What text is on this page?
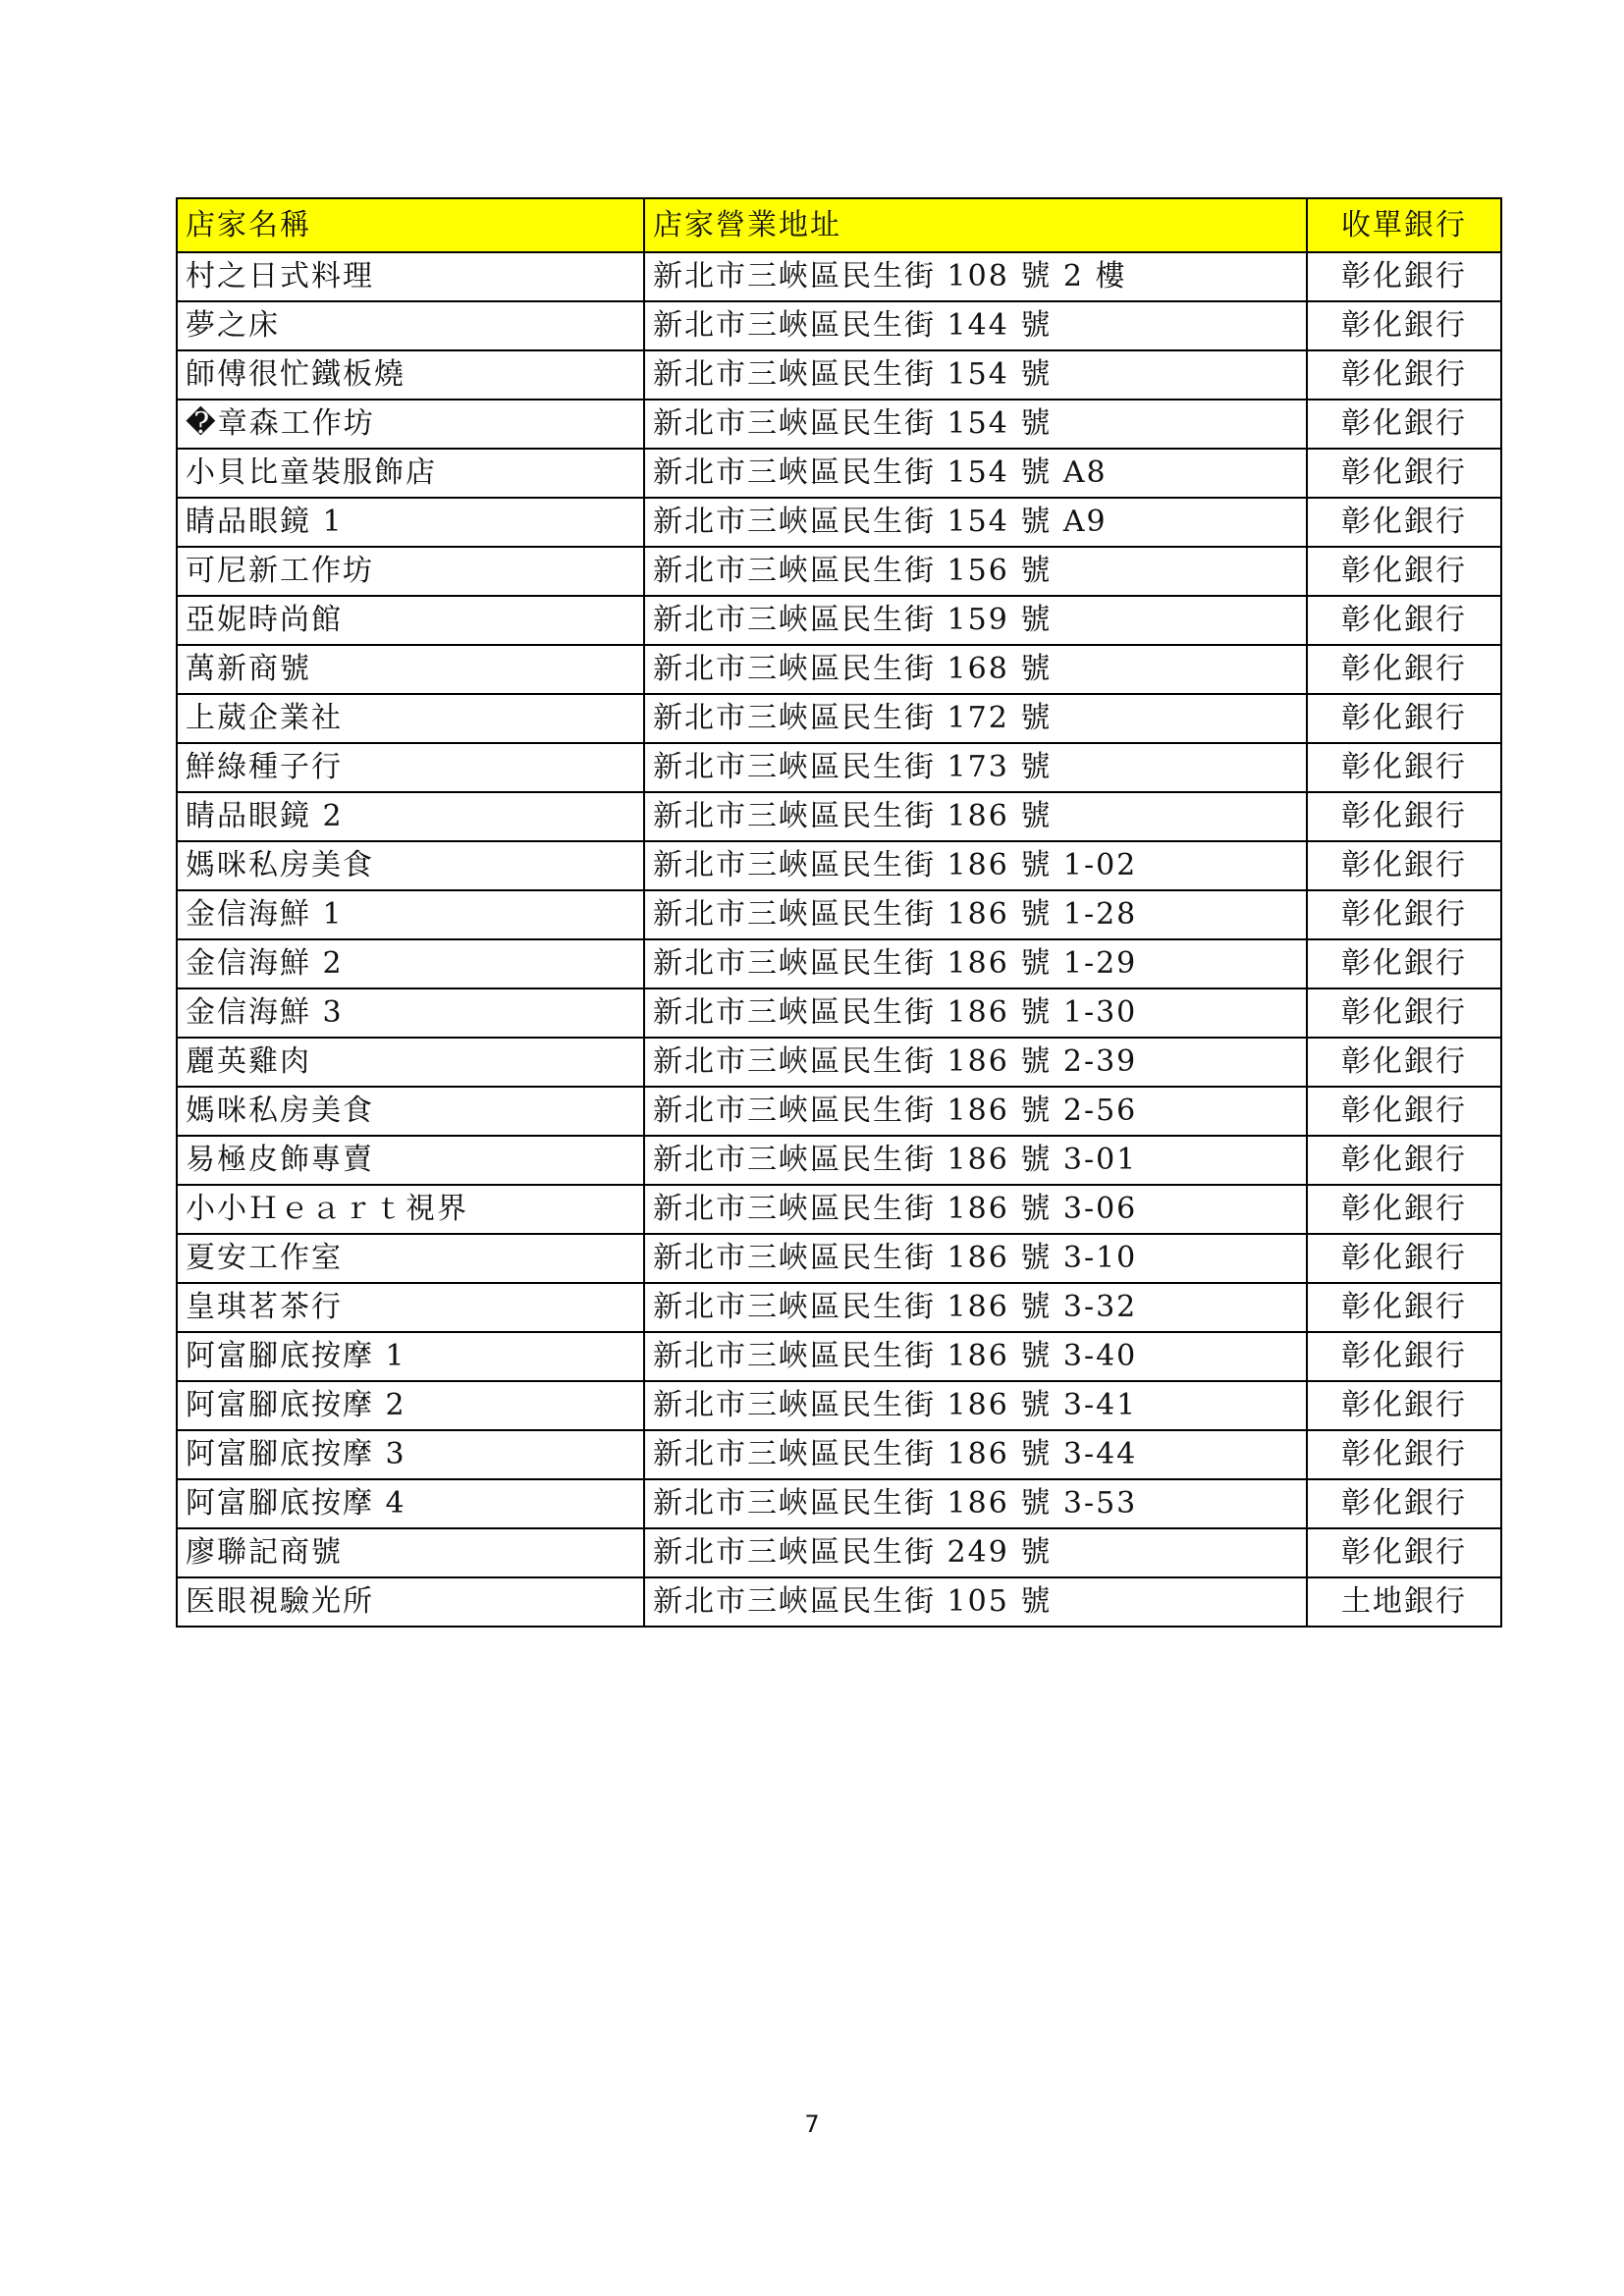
店家名稱	店家營業地址	收單銀行
村之日式料理	新北市三峽區民生街 108 號 2 樓	彰化銀行
夢之床	新北市三峽區民生街 144 號	彰化銀行
師傅很忙鐵板燒	新北市三峽區民生街 154 號	彰化銀行
�章森工作坊	新北市三峽區民生街 154 號	彰化銀行
小貝比童裝服飾店	新北市三峽區民生街 154 號 A8	彰化銀行
睛品眼鏡 1	新北市三峽區民生街 154 號 A9	彰化銀行
可尼新工作坊	新北市三峽區民生街 156 號	彰化銀行
亞妮時尚館	新北市三峽區民生街 159 號	彰化銀行
萬新商號	新北市三峽區民生街 168 號	彰化銀行
上葳企業社	新北市三峽區民生街 172 號	彰化銀行
鮮綠種子行	新北市三峽區民生街 173 號	彰化銀行
睛品眼鏡 2	新北市三峽區民生街 186 號	彰化銀行
媽咪私房美食	新北市三峽區民生街 186 號 1-02	彰化銀行
金信海鮮 1	新北市三峽區民生街 186 號 1-28	彰化銀行
金信海鮮 2	新北市三峽區民生街 186 號 1-29	彰化銀行
金信海鮮 3	新北市三峽區民生街 186 號 1-30	彰化銀行
麗英雞肉	新北市三峽區民生街 186 號 2-39	彰化銀行
媽咪私房美食	新北市三峽區民生街 186 號 2-56	彰化銀行
易極皮飾專賣	新北市三峽區民生街 186 號 3-01	彰化銀行
小小Ｈｅａｒｔ視界	新北市三峽區民生街 186 號 3-06	彰化銀行
夏安工作室	新北市三峽區民生街 186 號 3-10	彰化銀行
皇琪茗茶行	新北市三峽區民生街 186 號 3-32	彰化銀行
阿富腳底按摩 1	新北市三峽區民生街 186 號 3-40	彰化銀行
阿富腳底按摩 2	新北市三峽區民生街 186 號 3-41	彰化銀行
阿富腳底按摩 3	新北市三峽區民生街 186 號 3-44	彰化銀行
阿富腳底按摩 4	新北市三峽區民生街 186 號 3-53	彰化銀行
廖聯記商號	新北市三峽區民生街 249 號	彰化銀行
医眼視驗光所	新北市三峽區民生街 105 號	土地銀行
7
